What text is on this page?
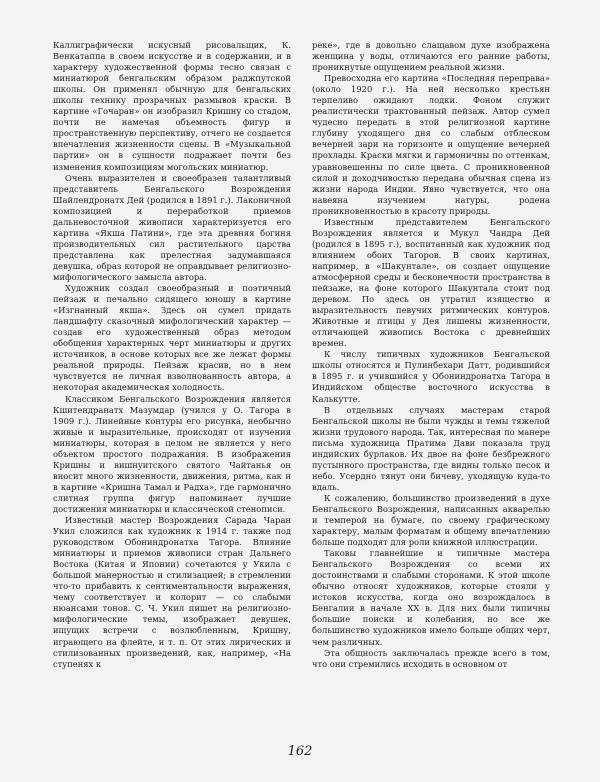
Каллиграфически искусный рисовальщик, К. Венкатаппа в своем искусстве и в содержании, и в характеру художественной формы тесно связан с миниатюрой бенгальским образом раджпутской школы. Он применял обычную для бенгальских школы технику прозрачных размывов краски. В картине «Гочаран» он изобразил Кришну со стадом, почти не намечая объемность фигур и пространственную перспективу, отчего не создается впечатления жизненности сцены. В «Музыкальной партии» он в сущности подражает почти без изменения композициям могольских миниатюр.

Очень выразителен и своеобразен талантливый представитель Бенгальского Возрождения Шайлендронатх Дей (родился в 1891 г.). Лаконичной композицией и переработкой приемов дальневосточной живописи характеризуется его картина «Якша Патини», где эта древняя богиня производительных сил растительного царства представлена как прелестная задумавшаяся девушка, образ которой не оправдывает религиозно-мифологического замысла автора.

Художник создал своеобразный и поэтичный пейзаж и печально сидящего юношу в картине «Изгнанный якша». Здесь он сумел придать ландшафту сказочный мифологический характер — создав его художественный образ методом обобщения характерных черт миниатюры и других источников, в основе которых все же лежат формы реальной природы. Пейзаж красив, но в нем чувствуется не личная взволнованность автора, а некоторая академическая холодность.

Классиком Бенгальского Возрождения является Кшитендранатх Мазумдар (учился у О. Тагора в 1909 г.). Линейные контуры его рисунка, необычно живые и выразительные, происходят от изучения миниатюры, которая в целом не является у него объектом простого подражания. В изображения Кришны и вишнуитского святого Чайтанья он вносит много жизненности, движения, ритма, как и в картине «Кришна Тамал и Радха», где гармонично слитная группа фигур напоминает лучшие достижения миниатюры и классической стенописи.

Известный мастер Возрождения Сарада Чаран Укил сложился как художник к 1914 г. также под руководством Обониндронатха Тагора. Влияние миниатюры и приемов живописи стран Дальнего Востока (Китая и Японии) сочетаются у Укила с большой манерностью и стилизацией; в стремлении что-то прибавить к сентиментальности выражения, чему соответствует и колорит — со слабыми нюансами тонов. С. Ч. Укил пишет на религиозно-мифологические темы, изображает девушек, ищущих встречи с возлюбленным, Кришну, играющего на флейте, и т. п. От этих лирических и стилизованных произведений, как, например, «На ступенях к

реке», где в довольно слащавом духе изображена женщина у воды, отличаются его ранние работы, проникнутые ощущением реальной жизни.

Превосходна его картина «Последняя переправа» (около 1920 г.). На ней несколько крестьян терпеливо ожидают лодки. Фоном служит реалистически трактованный пейзаж. Автор сумел чудесно передать в этой религиозной картине глубину уходящего дня со слабым отблеском вечерней зари на горизонте и ощущение вечерней прохлады. Краски мягки и гармоничны по оттенкам, уравновешенны по силе цвета. С проникновенной силой и доходчивостью передана обычная сцена из жизни народа Индии. Явно чувствуется, что она навеяна изучением натуры, родена проникновенностью в красоту природы.

Известным представителем Бенгальского Возрождения является и Мукул Чандра Дей (родился в 1895 г.), воспитанный как художник под влиянием обоих Тагоров. В своих картинах, например, в «Шакунтале», он создает ощущение атмосферной среды и бесконечности пространства в пейзаже, на фоне которого Шакунтала стоит под деревом. По здесь он утратил изящество и выразительность певучих ритмических контуров. Животные и птицы у Дея лишены жизненности, отличающей живопись Востока с древнейших времен.

К числу типичных художников Бенгальской школы относятся и Пулинбехари Датт, родившийся в 1895 г. и учившийся у Обониндронатха Тагора в Индийском обществе восточного искусства в Калькутте.

В отдельных случаях мастерам старой Бенгальской школы не были чужды и темы тяжелой жизни трудового народа. Так, интересная по манере письма художница Пратима Дави показала труд индийских бурлаков. Их двое на фоне безбрежного пустынного пространства, где видны только песок и небо. Усердно тянут они бичеву, уходящую куда-то вдаль.

К сожалению, большинство произведений в духе Бенгальского Возрождения, написанных акварелью и темперой на бумаге, по своему графическому характеру, малым форматам и общему впечатлению больше подходят для роли книжной иллюстрации.

Таковы главнейшие и типичные мастера Бенгальского Возрождения со всеми их достоинствами и слабыми сторонами. К этой школе обычно относят художников, которые стояли у истоков искусства, когда оно возрождалось в Бенгалии в начале XX в. Для них были типичны большие поиски и колебания, но все же большинство художников имело больше общих черт, чем различных.

Эта общность заключалась прежде всего в том, что они стремились исходить в основном от

162
